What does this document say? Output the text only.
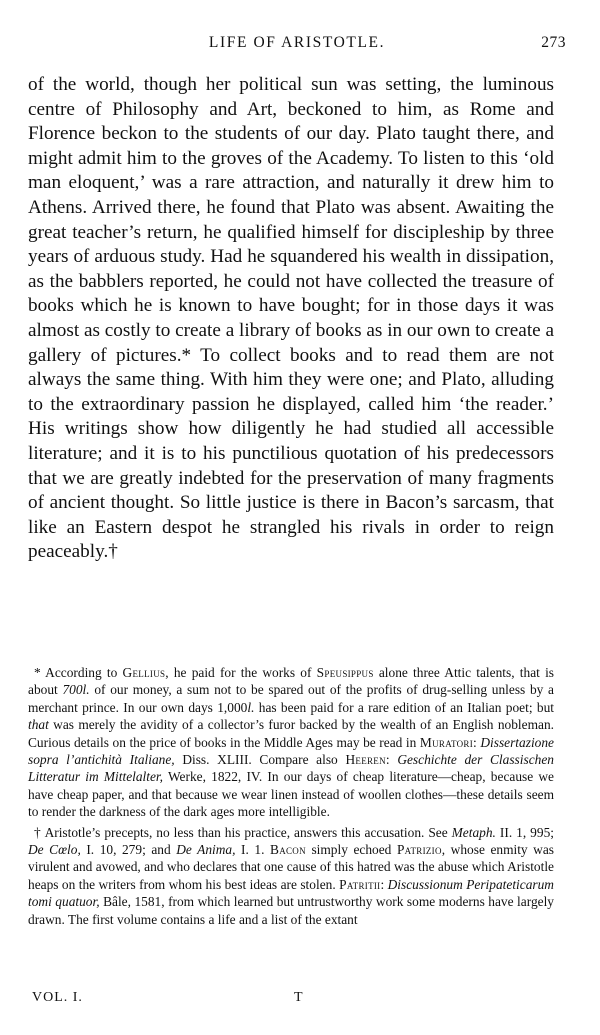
LIFE OF ARISTOTLE.	273

of the world, though her political sun was setting, the luminous centre of Philosophy and Art, beckoned to him, as Rome and Florence beckon to the students of our day. Plato taught there, and might admit him to the groves of the Academy. To listen to this ‘old man eloquent,’ was a rare attraction, and naturally it drew him to Athens. Arrived there, he found that Plato was absent. Awaiting the great teacher’s return, he qualified himself for discipleship by three years of arduous study. Had he squandered his wealth in dissipation, as the babblers reported, he could not have collected the treasure of books which he is known to have bought; for in those days it was almost as costly to create a library of books as in our own to create a gallery of pictures.* To collect books and to read them are not always the same thing. With him they were one; and Plato, alluding to the extraordinary passion he displayed, called him ‘the reader.’ His writings show how diligently he had studied all accessible literature; and it is to his punctilious quotation of his predecessors that we are greatly indebted for the preservation of many fragments of ancient thought. So little justice is there in Bacon’s sarcasm, that like an Eastern despot he strangled his rivals in order to reign peaceably.†

* According to Gellius, he paid for the works of Speusippus alone three Attic talents, that is about 700l. of our money, a sum not to be spared out of the profits of drug-selling unless by a merchant prince. In our own days 1,000l. has been paid for a rare edition of an Italian poet; but that was merely the avidity of a collector’s furor backed by the wealth of an English nobleman. Curious details on the price of books in the Middle Ages may be read in Muratori: Dissertazione sopra l’antichità Italiane, Diss. XLIII. Compare also Heeren: Geschichte der Classischen Litteratur im Mittelalter, Werke, 1822, IV. In our days of cheap literature—cheap, because we have cheap paper, and that because we wear linen instead of woollen clothes—these details seem to render the darkness of the dark ages more intelligible.

† Aristotle’s precepts, no less than his practice, answers this accusation. See Metaph. II. 1, 995; De Cœlo, I. 10, 279; and De Anima, I. 1. Bacon simply echoed Patrizio, whose enmity was virulent and avowed, and who declares that one cause of this hatred was the abuse which Aristotle heaps on the writers from whom his best ideas are stolen. Patritii: Discussionum Peripateticarum tomi quatuor, Bâle, 1581, from which learned but untrustworthy work some moderns have largely drawn. The first volume contains a life and a list of the extant

VOL. I.	T
